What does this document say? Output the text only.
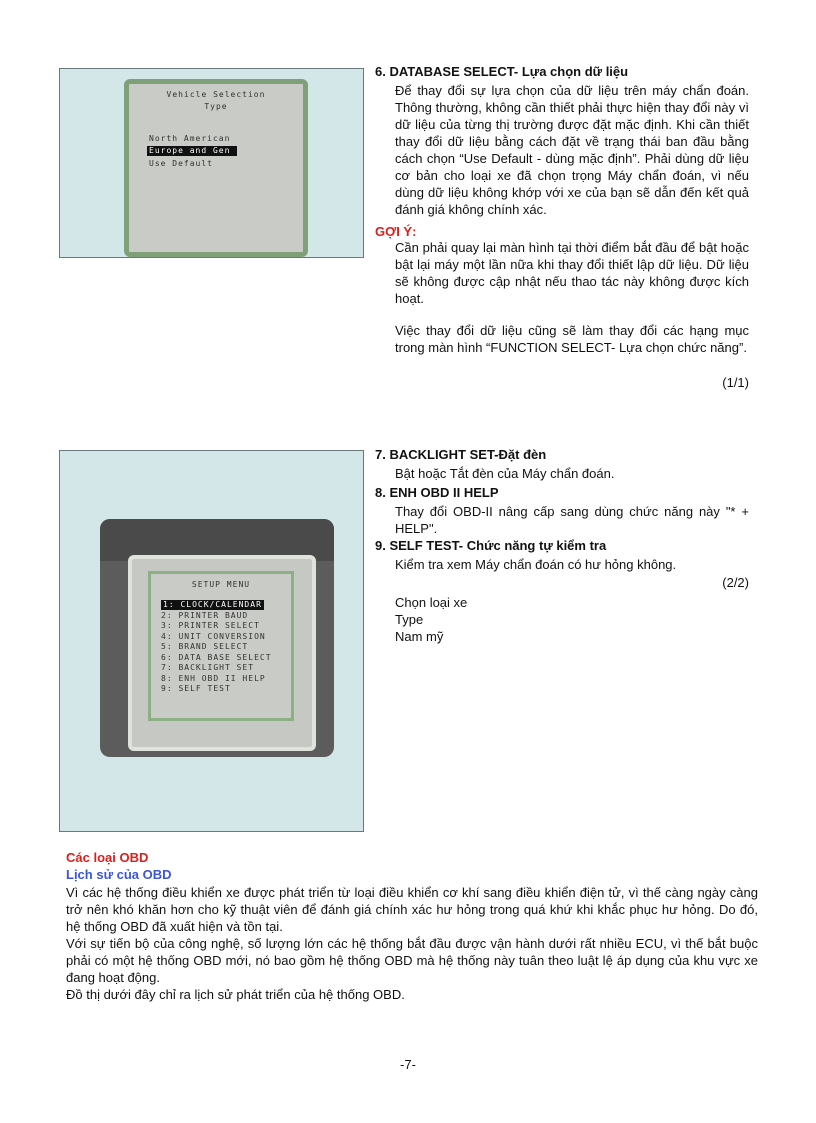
Vehicle Selection
Type
North American
Europe and Gen
Use Default
SETUP MENU
1: CLOCK/CALENDAR
2: PRINTER BAUD
3: PRINTER SELECT
4: UNIT CONVERSION
5: BRAND SELECT
6: DATA BASE SELECT
7: BACKLIGHT SET
8: ENH OBD II HELP
9: SELF TEST
6. DATABASE SELECT- Lựa chọn dữ liệu
Để thay đổi sự lựa chọn của dữ liệu trên máy chẩn đoán. Thông thường, không cần thiết phải thực hiện thay đổi này vì dữ liệu của từng thị trường được đặt mặc định. Khi cần thiết thay đổi dữ liệu bằng cách đặt về trạng thái ban đầu bằng cách chọn “Use Default - dùng mặc định”. Phải dùng dữ liệu cơ bản cho loại xe đã chọn trọng Máy chẩn đoán, vì nếu dùng dữ liệu không khớp với xe của bạn sẽ dẫn đến kết quả đánh giá không chính xác.
GỢI Ý:
Cần phải quay lại màn hình tại thời điểm bắt đầu để bật hoặc bật lại máy một lần nữa khi thay đổi thiết lập dữ liệu. Dữ liệu sẽ không được cập nhật nếu thao tác này không được kích hoạt.
Việc thay đổi dữ liệu cũng sẽ làm thay đổi các hạng mục trong màn hình “FUNCTION SELECT- Lựa chọn chức năng”.
(1/1)
7. BACKLIGHT SET-Đặt đèn
Bật hoặc Tắt đèn của Máy chẩn đoán.
8. ENH OBD II HELP
Thay đổi OBD-II nâng cấp sang dùng chức năng này "* + HELP".
9. SELF TEST- Chức năng tự kiểm tra
Kiểm tra xem Máy chẩn đoán có hư hỏng không.
(2/2)
Chọn loại xe
Type
Nam mỹ
Các loại OBD
Lịch sử của OBD
Vì các hệ thống điều khiển xe được phát triển từ loại điều khiển cơ khí sang điều khiển điện tử, vì thế càng ngày càng trở nên khó khăn hơn cho kỹ thuật viên để đánh giá chính xác hư hỏng trong quá khứ khi khắc phục hư hỏng. Do đó, hệ thống OBD đã xuất hiện và tồn tại.
Với sự tiến bộ của công nghệ, số lượng lớn các hệ thống bắt đầu được vận hành dưới rất nhiều ECU, vì thế bắt buộc phải có một hệ thống OBD mới, nó bao gồm hệ thống OBD mà hệ thống này tuân theo luật lệ áp dụng của khu vực xe đang hoạt động.
Đồ thị dưới đây chỉ ra lịch sử phát triển của hệ thống OBD.
-7-
